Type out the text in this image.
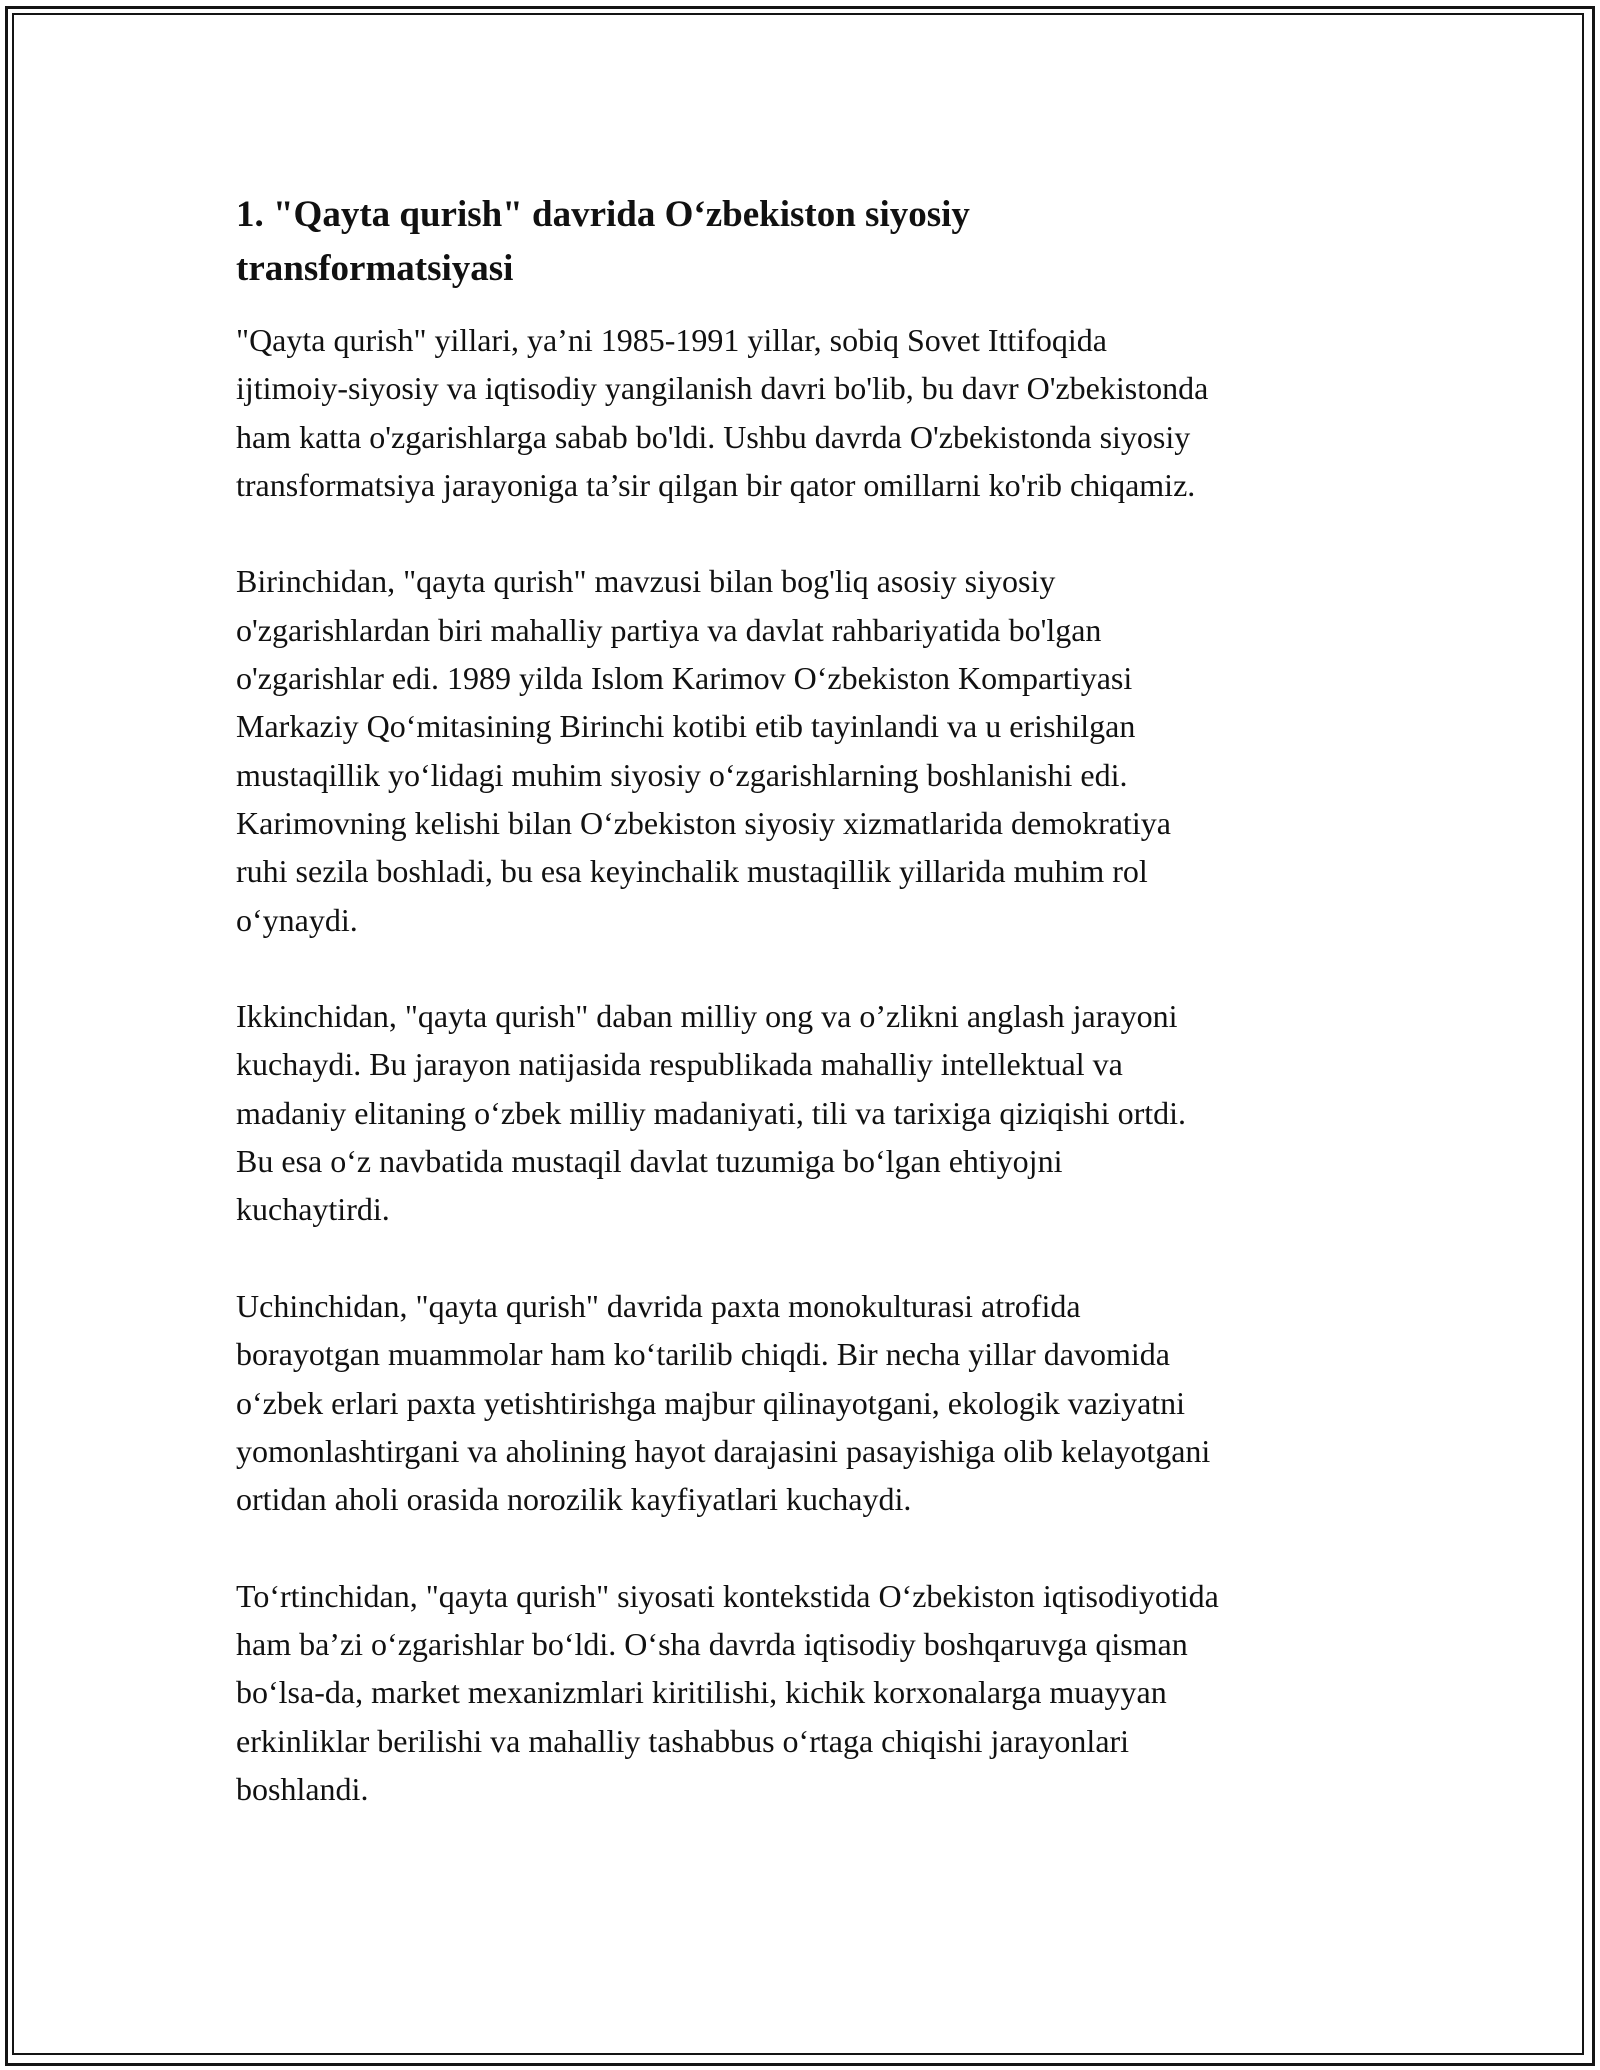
1. "Qayta qurish" davrida O‘zbekiston siyosiy
transformatsiyasi

"Qayta qurish" yillari, ya’ni 1985-1991 yillar, sobiq Sovet Ittifoqida
ijtimoiy-siyosiy va iqtisodiy yangilanish davri bo'lib, bu davr O'zbekistonda
ham katta o'zgarishlarga sabab bo'ldi. Ushbu davrda O'zbekistonda siyosiy
transformatsiya jarayoniga ta’sir qilgan bir qator omillarni ko'rib chiqamiz.

Birinchidan, "qayta qurish" mavzusi bilan bog'liq asosiy siyosiy
o'zgarishlardan biri mahalliy partiya va davlat rahbariyatida bo'lgan
o'zgarishlar edi. 1989 yilda Islom Karimov O‘zbekiston Kompartiyasi
Markaziy Qo‘mitasining Birinchi kotibi etib tayinlandi va u erishilgan
mustaqillik yo‘lidagi muhim siyosiy o‘zgarishlarning boshlanishi edi.
Karimovning kelishi bilan O‘zbekiston siyosiy xizmatlarida demokratiya
ruhi sezila boshladi, bu esa keyinchalik mustaqillik yillarida muhim rol
o‘ynaydi.

Ikkinchidan, "qayta qurish" daban milliy ong va o’zlikni anglash jarayoni
kuchaydi. Bu jarayon natijasida respublikada mahalliy intellektual va
madaniy elitaning o‘zbek milliy madaniyati, tili va tarixiga qiziqishi ortdi.
Bu esa o‘z navbatida mustaqil davlat tuzumiga bo‘lgan ehtiyojni
kuchaytirdi.

Uchinchidan, "qayta qurish" davrida paxta monokulturasi atrofida
borayotgan muammolar ham ko‘tarilib chiqdi. Bir necha yillar davomida
o‘zbek erlari paxta yetishtirishga majbur qilinayotgani, ekologik vaziyatni
yomonlashtirgani va aholining hayot darajasini pasayishiga olib kelayotgani
ortidan aholi orasida norozilik kayfiyatlari kuchaydi.

To‘rtinchidan, "qayta qurish" siyosati kontekstida O‘zbekiston iqtisodiyotida
ham ba’zi o‘zgarishlar bo‘ldi. O‘sha davrda iqtisodiy boshqaruvga qisman
bo‘lsa-da, market mexanizmlari kiritilishi, kichik korxonalarga muayyan
erkinliklar berilishi va mahalliy tashabbus o‘rtaga chiqishi jarayonlari
boshlandi.
